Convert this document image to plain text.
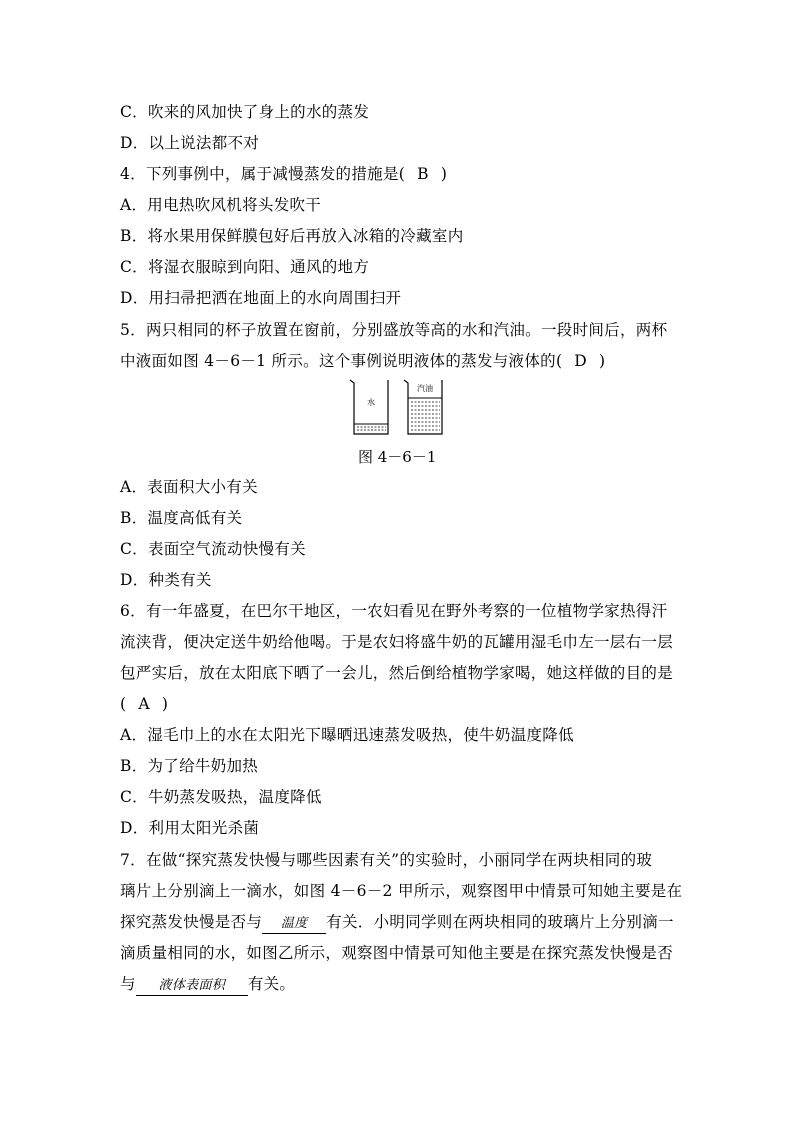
C．吹来的风加快了身上的水的蒸发
D．以上说法都不对
4．下列事例中，属于减慢蒸发的措施是( B )
A．用电热吹风机将头发吹干
B．将水果用保鲜膜包好后再放入冰箱的冷藏室内
C．将湿衣服晾到向阳、通风的地方
D．用扫帚把洒在地面上的水向周围扫开
5．两只相同的杯子放置在窗前，分别盛放等高的水和汽油。一段时间后，两杯
中液面如图 4－6－1 所示。这个事例说明液体的蒸发与液体的( D )
水
汽油
图 4－6－1
A．表面积大小有关
B．温度高低有关
C．表面空气流动快慢有关
D．种类有关
6．有一年盛夏，在巴尔干地区，一农妇看见在野外考察的一位植物学家热得汗
流浃背，便决定送牛奶给他喝。于是农妇将盛牛奶的瓦罐用湿毛巾左一层右一层
包严实后，放在太阳底下晒了一会儿，然后倒给植物学家喝，她这样做的目的是
( A )
A．湿毛巾上的水在太阳光下曝晒迅速蒸发吸热，使牛奶温度降低
B．为了给牛奶加热
C．牛奶蒸发吸热，温度降低
D．利用太阳光杀菌
7．在做“探究蒸发快慢与哪些因素有关”的实验时，小丽同学在两块相同的玻
璃片上分别滴上一滴水，如图 4－6－2 甲所示，观察图甲中情景可知她主要是在
探究蒸发快慢是否与 温度 有关．小明同学则在两块相同的玻璃片上分别滴一
滴质量相同的水，如图乙所示，观察图中情景可知他主要是在探究蒸发快慢是否
与 液体表面积 有关。
